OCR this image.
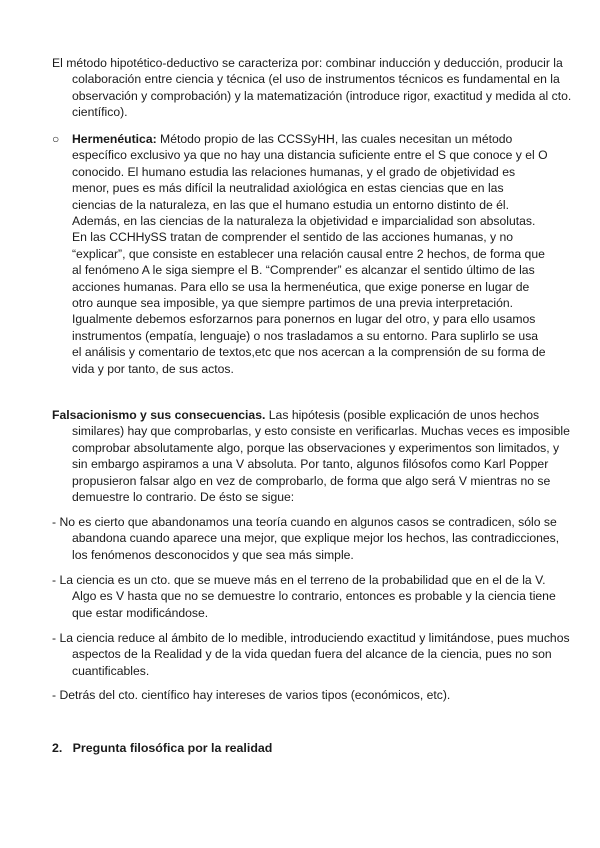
El método hipotético-deductivo se caracteriza por: combinar inducción y deducción, producir la colaboración entre ciencia y técnica (el uso de instrumentos técnicos es fundamental en la observación y comprobación) y la matematización (introduce rigor, exactitud y medida al cto. científico).

○	Hermenéutica: Método propio de las CCSSyHH, las cuales necesitan un método específico exclusivo ya que no hay una distancia suficiente entre el S que conoce y el O conocido. El humano estudia las relaciones humanas, y el grado de objetividad es menor, pues es más difícil la neutralidad axiológica en estas ciencias que en las ciencias de la naturaleza, en las que el humano estudia un entorno distinto de él. Además, en las ciencias de la naturaleza la objetividad e imparcialidad son absolutas. En las CCHHySS tratan de comprender el sentido de las acciones humanas, y no “explicar”, que consiste en establecer una relación causal entre 2 hechos, de forma que al fenómeno A le siga siempre el B. “Comprender” es alcanzar el sentido último de las acciones humanas. Para ello se usa la hermenéutica, que exige ponerse en lugar de otro aunque sea imposible, ya que siempre partimos de una previa interpretación. Igualmente debemos esforzarnos para ponernos en lugar del otro, y para ello usamos instrumentos (empatía, lenguaje) o nos trasladamos a su entorno. Para suplirlo se usa el análisis y comentario de textos,etc que nos acercan a la comprensión de su forma de vida y por tanto, de sus actos.

Falsacionismo y sus consecuencias. Las hipótesis (posible explicación de unos hechos similares) hay que comprobarlas, y esto consiste en verificarlas. Muchas veces es imposible comprobar absolutamente algo, porque las observaciones y experimentos son limitados, y sin embargo aspiramos a una V absoluta. Por tanto, algunos filósofos como Karl Popper propusieron falsar algo en vez de comprobarlo, de forma que algo será V mientras no se demuestre lo contrario. De ésto se sigue:

- No es cierto que abandonamos una teoría cuando en algunos casos se contradicen, sólo se abandona cuando aparece una mejor, que explique mejor los hechos, las contradicciones, los fenómenos desconocidos y que sea más simple.

- La ciencia es un cto. que se mueve más en el terreno de la probabilidad que en el de la V. Algo es V hasta que no se demuestre lo contrario, entonces es probable y la ciencia tiene que estar modificándose.

- La ciencia reduce al ámbito de lo medible, introduciendo exactitud y limitándose, pues muchos aspectos de la Realidad y de la vida quedan fuera del alcance de la ciencia, pues no son cuantificables.

- Detrás del cto. científico hay intereses de varios tipos (económicos, etc).

2. Pregunta filosófica por la realidad
